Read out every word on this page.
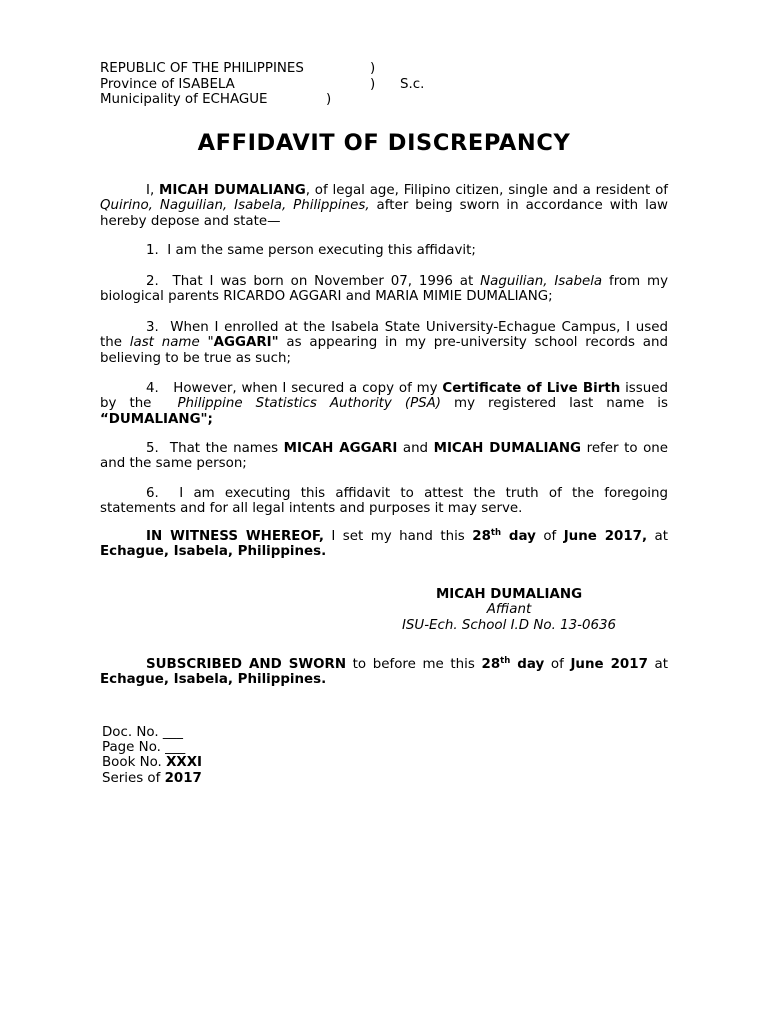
REPUBLIC OF THE PHILIPPINES	)
Province of ISABELA	) S.c.
Municipality of ECHAGUE	)
AFFIDAVIT OF DISCREPANCY

I, MICAH DUMALIANG, of legal age, Filipino citizen, single and a resident of Quirino, Naguilian, Isabela, Philippines, after being sworn in accordance with law hereby depose and state—

1. I am the same person executing this affidavit;

2. That I was born on November 07, 1996 at Naguilian, Isabela from my biological parents RICARDO AGGARI and MARIA MIMIE DUMALIANG;

3. When I enrolled at the Isabela State University-Echague Campus, I used the last name "AGGARI" as appearing in my pre-university school records and believing to be true as such;

4. However, when I secured a copy of my Certificate of Live Birth issued by the  Philippine Statistics Authority (PSA) my registered last name is “DUMALIANG";

5. That the names MICAH AGGARI and MICAH DUMALIANG refer to one and the same person;

6. I am executing this affidavit to attest the truth of the foregoing statements and for all legal intents and purposes it may serve.

IN WITNESS WHEREOF, I set my hand this 28th day of June 2017, at Echague, Isabela, Philippines.

MICAH DUMALIANG
Affiant
ISU-Ech. School I.D No. 13-0636

SUBSCRIBED AND SWORN to before me this 28th day of June 2017 at Echague, Isabela, Philippines.

Doc. No. ___
Page No. ___
Book No. XXXI
Series of 2017
